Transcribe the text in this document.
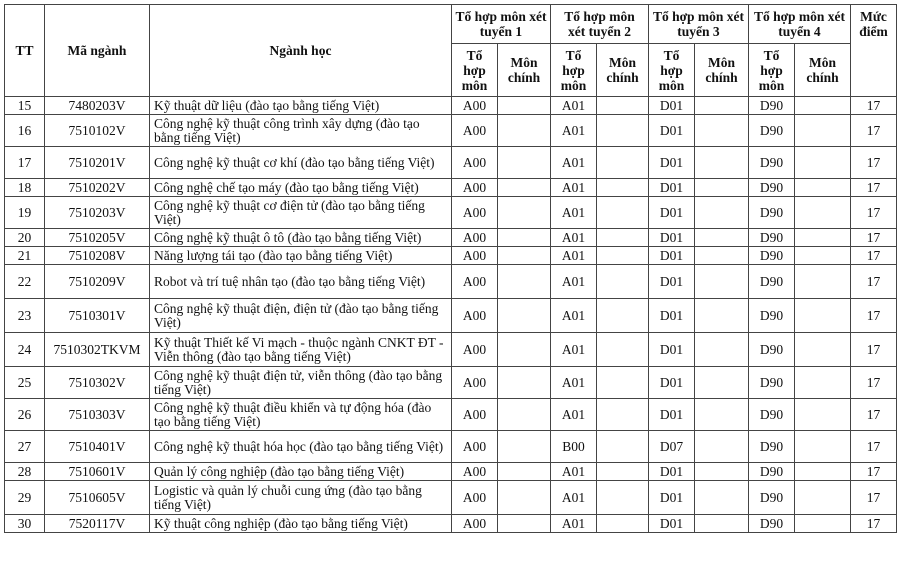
TT	Mã ngành	Ngành học	Tổ hợp môn xét tuyển 1		Tổ hợp môn xét tuyển 2		Tổ hợp môn xét tuyển 3		Tổ hợp môn xét tuyển 4		Mức điểm
			Tổ hợp môn	Môn chính	Tổ hợp môn	Môn chính	Tổ hợp môn	Môn chính	Tổ hợp môn	Môn chính	
15	7480203V	Kỹ thuật dữ liệu (đào tạo bằng tiếng Việt)	A00		A01		D01		D90		17
16	7510102V	Công nghệ kỹ thuật công trình xây dựng (đào tạo bằng tiếng Việt)	A00		A01		D01		D90		17
17	7510201V	Công nghệ kỹ thuật cơ khí (đào tạo bằng tiếng Việt)	A00		A01		D01		D90		17
18	7510202V	Công nghệ chế tạo máy (đào tạo bằng tiếng Việt)	A00		A01		D01		D90		17
19	7510203V	Công nghệ kỹ thuật cơ điện tử (đào tạo bằng tiếng Việt)	A00		A01		D01		D90		17
20	7510205V	Công nghệ kỹ thuật ô tô (đào tạo bằng tiếng Việt)	A00		A01		D01		D90		17
21	7510208V	Năng lượng tái tạo (đào tạo bằng tiếng Việt)	A00		A01		D01		D90		17
22	7510209V	Robot và trí tuệ nhân tạo (đào tạo bằng tiếng Việt)	A00		A01		D01		D90		17
23	7510301V	Công nghệ kỹ thuật điện, điện tử (đào tạo bằng tiếng Việt)	A00		A01		D01		D90		17
24	7510302TKVM	Kỹ thuật Thiết kế Vi mạch - thuộc ngành CNKT ĐT - Viễn thông (đào tạo bằng tiếng Việt)	A00		A01		D01		D90		17
25	7510302V	Công nghệ kỹ thuật điện tử, viễn thông (đào tạo bằng tiếng Việt)	A00		A01		D01		D90		17
26	7510303V	Công nghệ kỹ thuật điều khiển và tự động hóa (đào tạo bằng tiếng Việt)	A00		A01		D01		D90		17
27	7510401V	Công nghệ kỹ thuật hóa học (đào tạo bằng tiếng Việt)	A00		B00		D07		D90		17
28	7510601V	Quản lý công nghiệp (đào tạo bằng tiếng Việt)	A00		A01		D01		D90		17
29	7510605V	Logistic và quản lý chuỗi cung ứng (đào tạo bằng tiếng Việt)	A00		A01		D01		D90		17
30	7520117V	Kỹ thuật công nghiệp (đào tạo bằng tiếng Việt)	A00		A01		D01		D90		17
